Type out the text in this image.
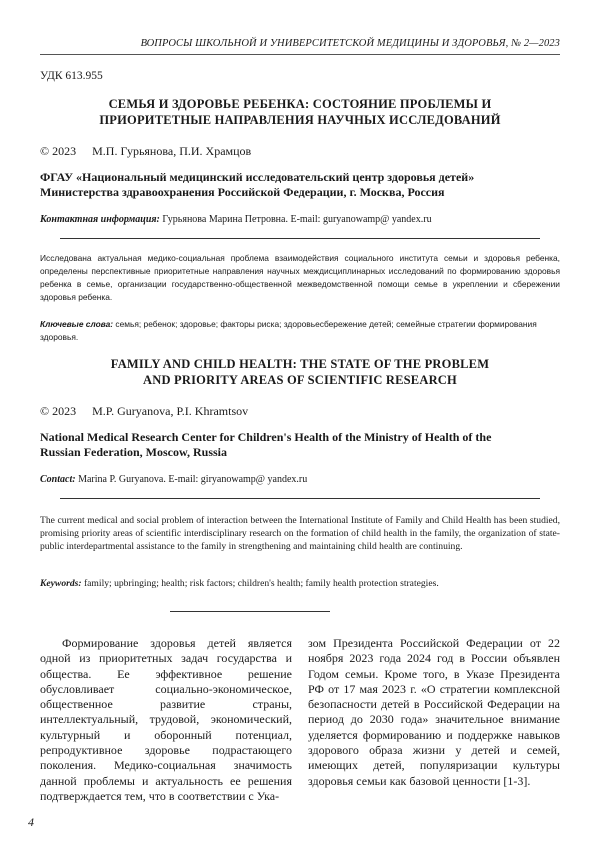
ВОПРОСЫ ШКОЛЬНОЙ И УНИВЕРСИТЕТСКОЙ МЕДИЦИНЫ И ЗДОРОВЬЯ, № 2—2023
УДК 613.955
СЕМЬЯ И ЗДОРОВЬЕ РЕБЕНКА: СОСТОЯНИЕ ПРОБЛЕМЫ И
ПРИОРИТЕТНЫЕ НАПРАВЛЕНИЯ НАУЧНЫХ ИССЛЕДОВАНИЙ
© 2023 М.П. Гурьянова, П.И. Храмцов
ФГАУ «Национальный медицинский исследовательский центр здоровья детей»
Министерства здравоохранения Российской Федерации, г. Москва, Россия
Контактная информация: Гурьянова Марина Петровна. E-mail: guryanowamp@ yandex.ru
Исследована актуальная медико-социальная проблема взаимодействия социального института семьи и здоровья ребенка, определены перспективные приоритетные направления научных междисциплинарных исследований по формированию здоровья ребенка в семье, организации государственно-общественной межведомственной помощи семье в укреплении и сбережении здоровья ребенка.
Ключевые слова: семья; ребенок; здоровье; факторы риска; здоровьесбережение детей; семейные стратегии формирования здоровья.
FAMILY AND CHILD HEALTH: THE STATE OF THE PROBLEM
AND PRIORITY AREAS OF SCIENTIFIC RESEARCH
© 2023 M.P. Guryanova, P.I. Khramtsov
National Medical Research Center for Children's Health of the Ministry of Health of the
Russian Federation, Moscow, Russia
Contact: Marina P. Guryanova. E-mail: giryanowamp@ yandex.ru
The current medical and social problem of interaction between the International Institute of Family and Child Health has been studied, promising priority areas of scientific interdisciplinary research on the formation of child health in the family, the organization of state-public interdepartmental assistance to the family in strengthening and maintaining child health are continuing.
Keywords: family; upbringing; health; risk factors; children's health; family health protection strategies.
Формирование здоровья детей является одной из приоритетных задач государства и общества. Ее эффективное решение обусловливает социально-экономическое, общественное развитие страны, интеллектуальный, трудовой, экономический, культурный и оборонный потенциал, репродуктивное здоровье подрастающего поколения. Медико-социальная значимость данной проблемы и актуальность ее решения подтверждается тем, что в соответствии с Ука-
зом Президента Российской Федерации от 22 ноября 2023 года 2024 год в России объявлен Годом семьи. Кроме того, в Указе Президента РФ от 17 мая 2023 г. «О стратегии комплексной безопасности детей в Российской Федерации на период до 2030 года» значительное внимание уделяется формированию и поддержке навыков здорового образа жизни у детей и семей, имеющих детей, популяризации культуры здоровья семьи как базовой ценности [1-3].
4
